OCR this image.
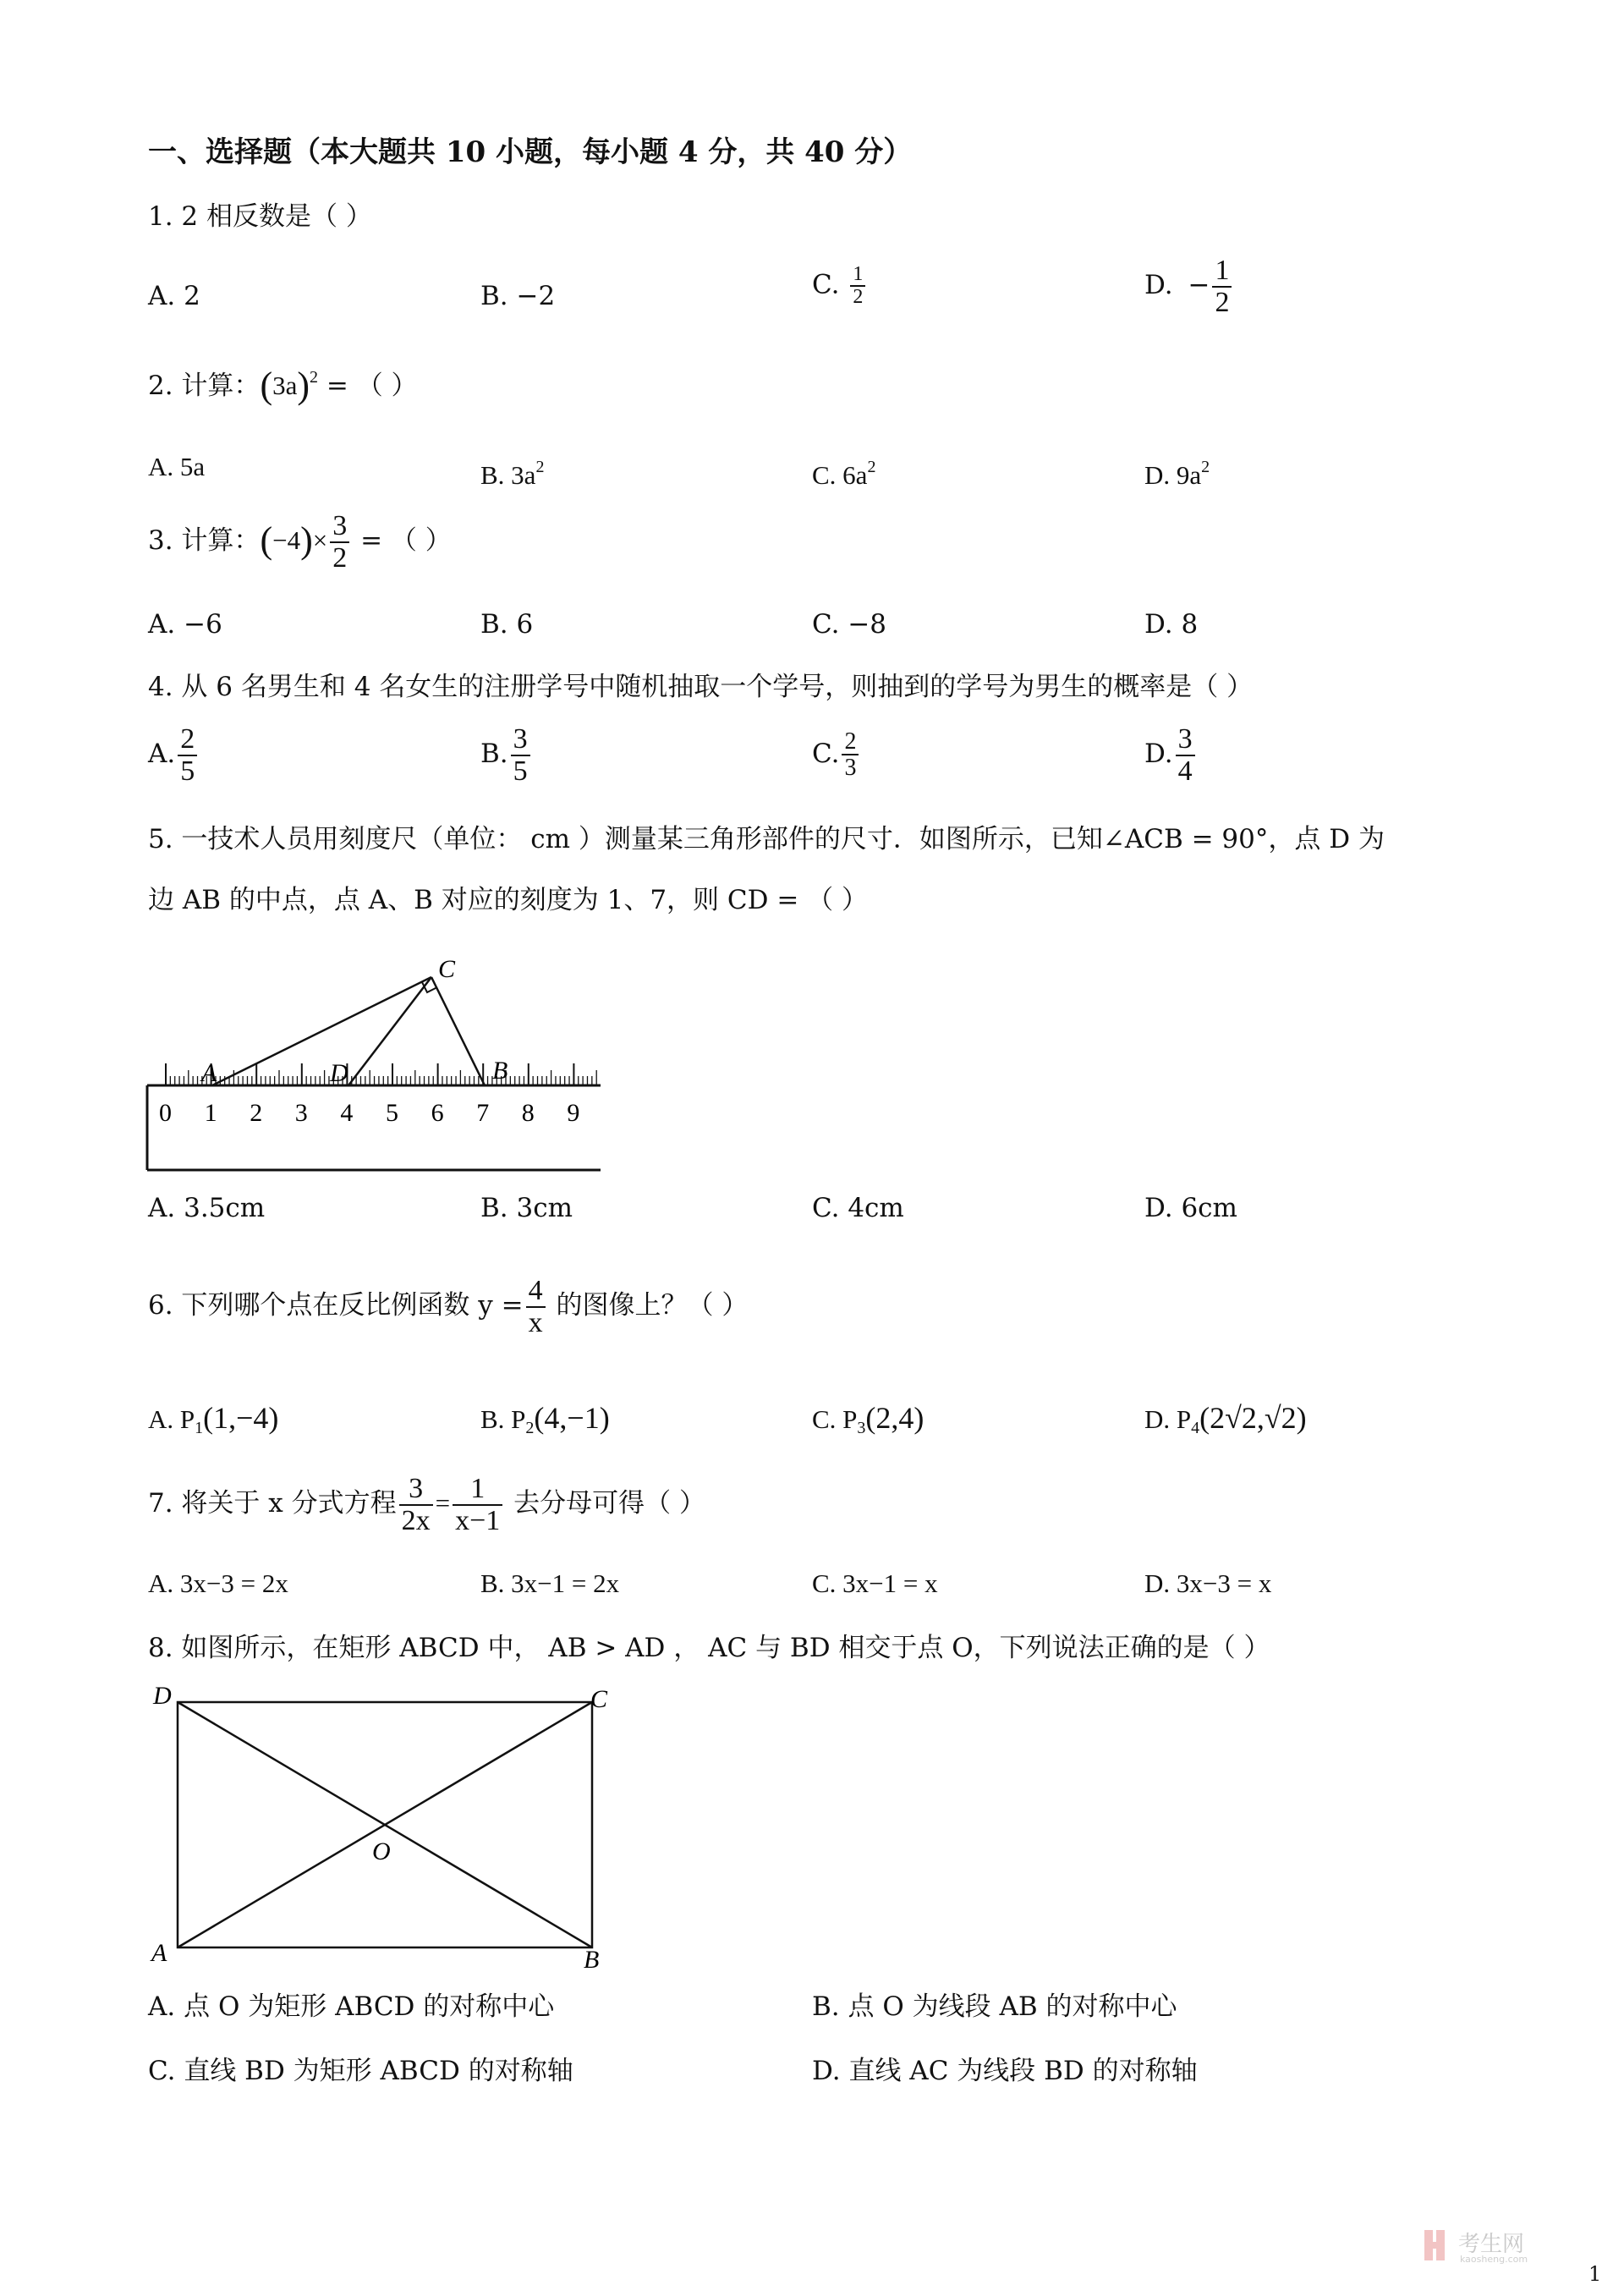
一、选择题（本大题共 10 小题，每小题 4 分，共 40 分）
1. 2 相反数是（ ）
A. 2	B. −2	C. $\frac{1}{2}$	D. − $\frac{1}{2}$
2. 计算：$(3a)^2$ = （ ）
A. 5a	B. $3a^2$	C. $6a^2$	D. $9a^2$
3. 计算：$(-4)\times \frac{3}{2}$ = （ ）
A. −6	B. 6	C. −8	D. 8
4. 从 6 名男生和 4 名女生的注册学号中随机抽取一个学号，则抽到的学号为男生的概率是（ ）
A. $\frac{2}{5}$	B. $\frac{3}{5}$	C. $\frac{2}{3}$	D. $\frac{3}{4}$
5. 一技术人员用刻度尺（单位： cm ）测量某三角形部件的尺寸．如图所示，已知∠ACB = 90°，点 D 为
边 AB 的中点，点 A、B 对应的刻度为 1、7，则 CD = （ ）
0 1 2 3 4 5 6 7 8 9
A	B
C
D
A. 3.5cm	B. 3cm	C. 4cm	D. 6cm
6. 下列哪个点在反比例函数 $y = \frac{4}{x}$ 的图像上？（ ）
A. $P_1(1,-4)$	B. $P_2(4,-1)$	C. $P_3(2,4)$	D. $P_4(2√2,√2)$
7. 将关于 x 分式方程 $\frac{3}{2x} = \frac{1}{x-1}$ 去分母可得（ ）
A. 3x−3 = 2x	B. 3x−1 = 2x	C. 3x−1 = x	D. 3x−3 = x
8. 如图所示，在矩形 ABCD 中， AB > AD ， AC 与 BD 相交于点 O，下列说法正确的是（ ）
D	C
O
A	B
A. 点 O 为矩形 ABCD 的对称中心	B. 点 O 为线段 AB 的对称中心
C. 直线 BD 为矩形 ABCD 的对称轴	D. 直线 AC 为线段 BD 的对称轴
1
考生网
kaosheng.com
